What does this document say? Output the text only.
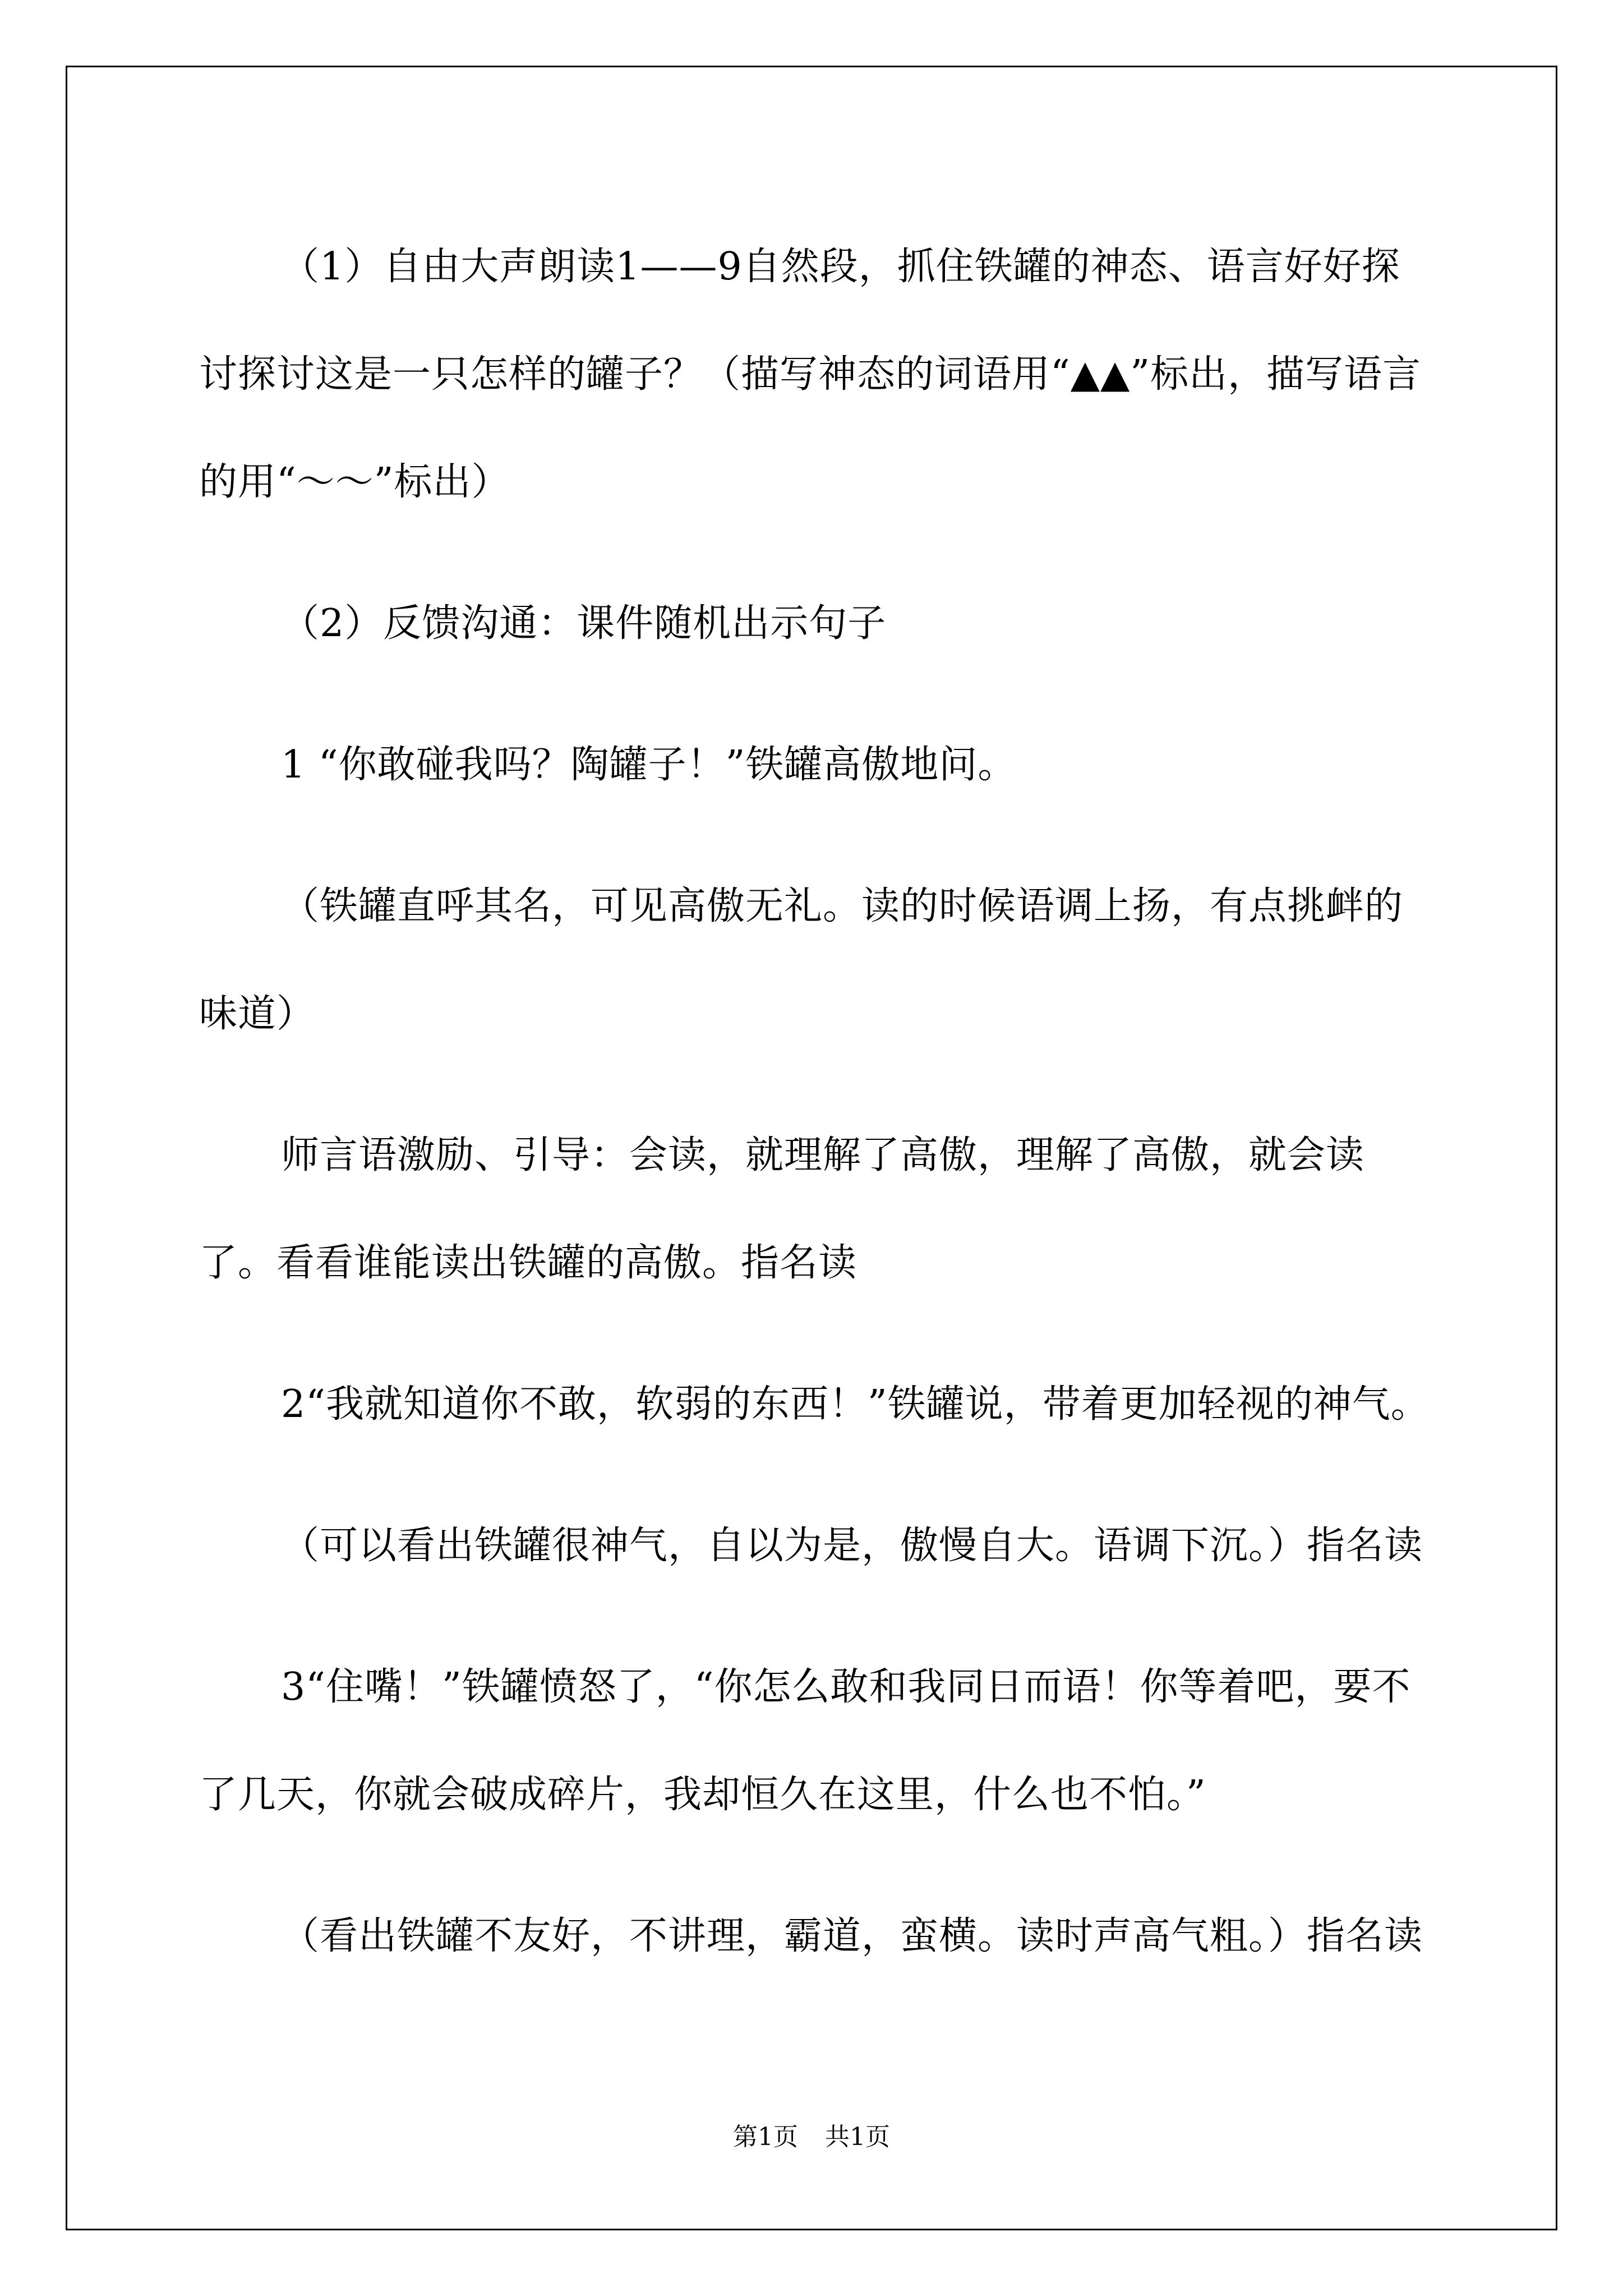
（1）自由大声朗读1——9自然段，抓住铁罐的神态、语言好好探讨探讨这是一只怎样的罐子？（描写神态的词语用“▲▲”标出，描写语言的用“～～”标出）

（2）反馈沟通：课件随机出示句子

1 “你敢碰我吗？陶罐子！”铁罐高傲地问。

（铁罐直呼其名，可见高傲无礼。读的时候语调上扬，有点挑衅的味道）

师言语激励、引导：会读，就理解了高傲，理解了高傲，就会读了。看看谁能读出铁罐的高傲。指名读

2“我就知道你不敢，软弱的东西！”铁罐说，带着更加轻视的神气。

（可以看出铁罐很神气，自以为是，傲慢自大。语调下沉。）指名读

3“住嘴！”铁罐愤怒了，“你怎么敢和我同日而语！你等着吧，要不了几天，你就会破成碎片，我却恒久在这里，什么也不怕。”

（看出铁罐不友好，不讲理，霸道，蛮横。读时声高气粗。）指名读

第1页 共1页
